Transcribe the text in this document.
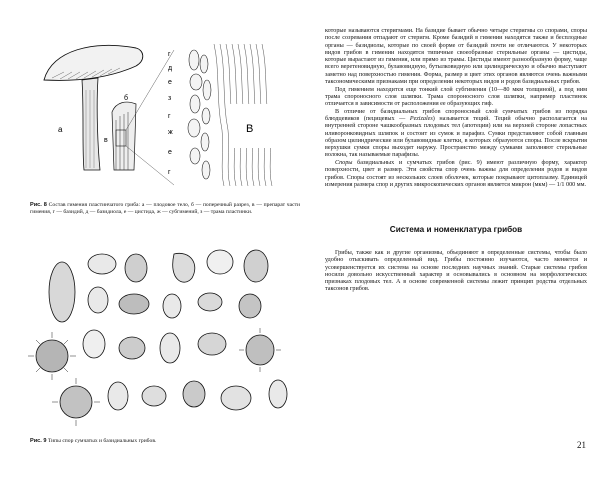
а
б
в
В
г
д
е
з
г
ж
е
г
Рис. 8 Состав гимения пластинчатого гриба: а — плодовое тело, б — поперечный разрез, в — препарат части гимения, г — базидий, д — базидиола, е — цистида, ж — субгимений, з — трама пластинки.
Рис. 9 Типы спор сумчатых и базидиальных грибов.

которые называются стеригмами. На базидие бывает обычно четыре стеригмы со спорами, споры после созревания отпадают от стеригм. Кроме базидий в гимении находятся также и бесплодные органы — базидиолы, которые по своей форме от базидий почти не отличаются. У некоторых видов грибов в гимении находятся типичные своеобразные стерильные органы — цистиды, которые вырастают из гимения, или прямо из трамы. Цистиды имеют разнообразную форму, чаще всего веретеновидную, булавовидную, бутылковидную или цилиндрическую и обычно выступают заметно над поверхностью гимения. Форма, размер и цвет этих органов являются очень важными таксономическими признаками при определении некоторых видов и родов базидиальных грибов.

Под гимением находится еще тонкий слой субгимения (10—80 мкм толщиной), а под ним трама спороносного слоя шляпки. Трама спороносного слоя шляпки, например пластинок отличается в зависимости от расположения ее образующих гиф.

В отличие от базидиальных грибов спороносный слой сумчатых грибов из порядка блюдцевиков (пецицевых — Pezizales) называется теций. Теций обычно располагается на внутренней стороне чашкообразных плодовых тел (апотеции) или на верхней стороне лопастных иливоронковидных шляпок и состоит из сумок и парафиз. Сумки представляют собой главным образом цилиндрические или булавовидные клетки, в которых образуются споры. После вскрытия верхушки сумки споры выходят наружу. Пространство между сумками заполняют стерильные волокна, так называемые парафизы.

Споры базидиальных и сумчатых грибов (рис. 9) имеют различную форму, характер поверхности, цвет и размер. Эти свойства спор очень важны для определения родов и видов грибов. Споры состоят из нескольких слоев оболочек, которые покрывают цитоплазму. Единицей измерения размера спор и других микроскопических органов является микрон (мкм) — 1/1 000 мм.

Система и номенклатура грибов

Грибы, также как и другие организмы, объединяют в определенные системы, чтобы было удобно отыскивать определенный вид. Грибы постоянно изучаются, часто меняется и усовершенствуется их система на основе последних научных знаний. Старые системы грибов носили довольно искусственный характер и основывались в основном на морфологических признаках плодовых тел. А в основе современной системы лежит принцип родства отдельных таксонов грибов.

21
